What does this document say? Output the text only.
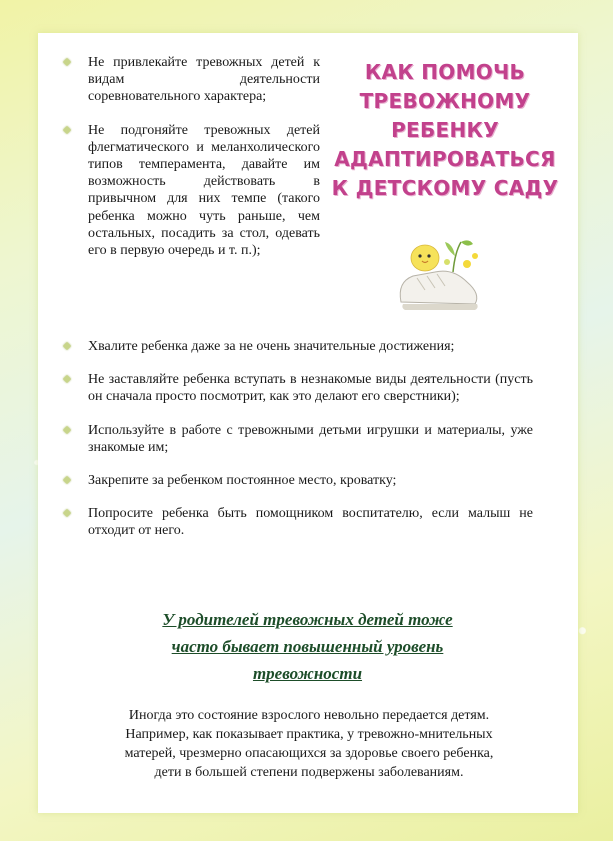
Не привлекайте тревожных детей к видам деятельности соревновательного характера;
Не подгоняйте тревожных детей флегматического и меланхолического типов темперамента, давайте им возможность действовать в привычном для них темпе (такого ребенка можно чуть раньше, чем остальных, посадить за стол, одевать его в первую очередь и т. п.);
КАК ПОМОЧЬ
ТРЕВОЖНОМУ
РЕБЕНКУ
АДАПТИРОВАТЬСЯ
К ДЕТСКОМУ САДУ
Хвалите ребенка даже за не очень значительные достижения;
Не заставляйте ребенка вступать в незнакомые виды деятельности (пусть он сначала просто посмотрит, как это делают его сверстники);
Используйте в работе с тревожными детьми игрушки и материалы, уже знакомые им;
Закрепите за ребенком постоянное место, кроватку;
Попросите ребенка быть помощником воспитателю, если малыш не отходит от него.
У родителей тревожных детей тоже
часто бывает повышенный уровень
тревожности
Иногда это состояние взрослого невольно передается детям.
Например, как показывает практика, у тревожно-мнительных
матерей, чрезмерно опасающихся за здоровье своего ребенка,
дети в большей степени подвержены заболеваниям.
